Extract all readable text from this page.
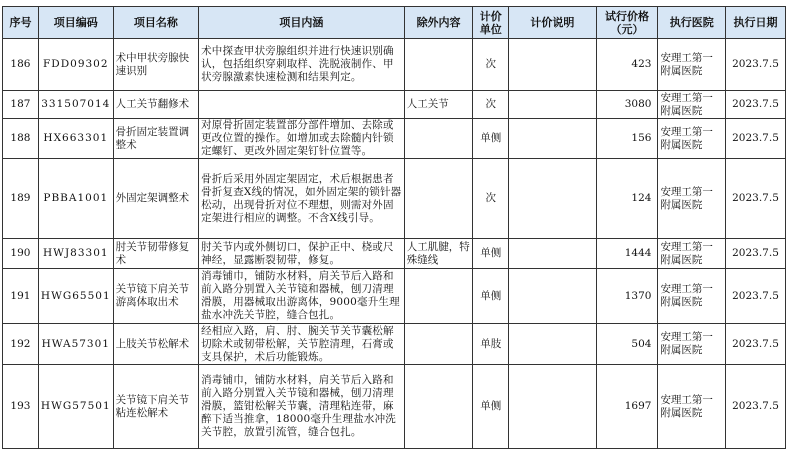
序号	项目编码	项目名称	项目内涵	除外内容	计价单位	计价说明	试行价格（元）	执行医院	执行日期
186	FDD09302	术中甲状旁腺快速识别	术中探查甲状旁腺组织并进行快速识别确认，包括组织穿刺取样、洗脱液制作、甲状旁腺激素快速检测和结果判定。		次		423	安理工第一附属医院	2023.7.5
187	331507014	人工关节翻修术		人工关节	次		3080	安理工第一附属医院	2023.7.5
188	HX663301	骨折固定装置调整术	对原骨折固定装置部分部件增加、去除或更改位置的操作。如增加或去除髓内针锁定螺钉、更改外固定架钉针位置等。		单侧		156	安理工第一附属医院	2023.7.5
189	PBBA1001	外固定架调整术	骨折后采用外固定架固定，术后根据患者骨折复查X线的情况，如外固定架的锁针器松动，出现骨折对位不理想，则需对外固定架进行相应的调整。不含X线引导。		次		124	安理工第一附属医院	2023.7.5
190	HWJ83301	肘关节韧带修复术	肘关节内或外侧切口，保护正中、桡或尺神经，显露断裂韧带，修复。	人工肌腱，特殊缝线	单侧		1444	安理工第一附属医院	2023.7.5
191	HWG65501	关节镜下肩关节游离体取出术	消毒铺巾，铺防水材料，肩关节后入路和前入路分别置入关节镜和器械，刨刀清理滑膜，用器械取出游离体，9000毫升生理盐水冲洗关节腔，缝合包扎。		单侧		1370	安理工第一附属医院	2023.7.5
192	HWA57301	上肢关节松解术	经相应入路，肩、肘、腕关节关节囊松解切除术或韧带松解，关节腔清理，石膏或支具保护，术后功能锻炼。		单肢		504	安理工第一附属医院	2023.7.5
193	HWG57501	关节镜下肩关节粘连松解术	消毒铺巾，铺防水材料，肩关节后入路和前入路分别置入关节镜和器械，刨刀清理滑膜，篮钳松解关节囊，清理粘连带，麻醉下适当推拿，18000毫升生理盐水冲洗关节腔，放置引流管，缝合包扎。		单侧		1697	安理工第一附属医院	2023.7.5
